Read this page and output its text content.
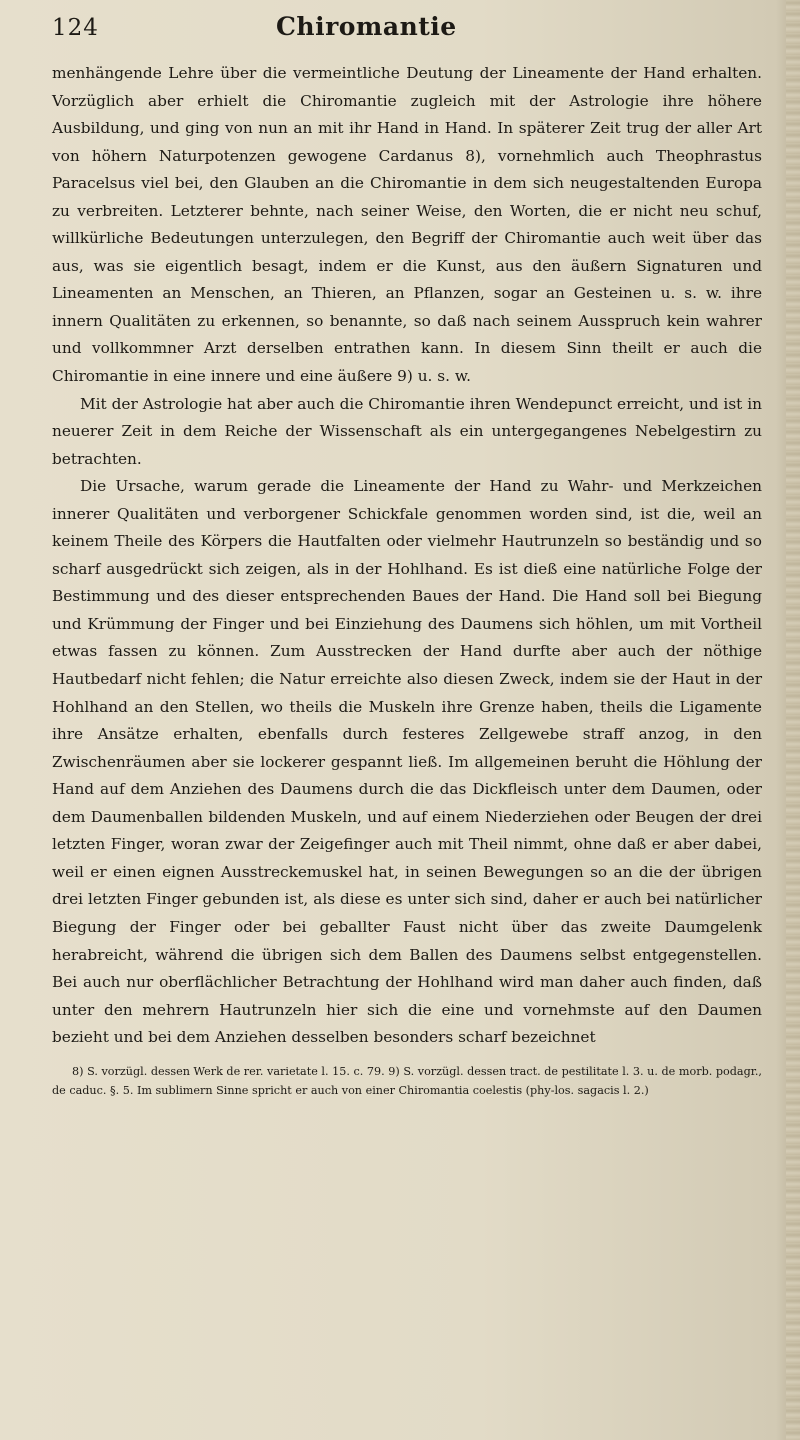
124	Chiromantie

menhängende Lehre über die vermeintliche Deutung der Lineamente der Hand erhalten. Vorzüglich aber erhielt die Chiromantie zugleich mit der Astrologie ihre höhere Ausbildung, und ging von nun an mit ihr Hand in Hand. In späterer Zeit trug der aller Art von höhern Naturpotenzen gewogene Cardanus 8), vornehmlich auch Theophrastus Paracelsus viel bei, den Glauben an die Chiromantie in dem sich neugestaltenden Europa zu verbreiten. Letzterer behnte, nach seiner Weise, den Worten, die er nicht neu schuf, willkürliche Bedeutungen unterzulegen, den Begriff der Chiromantie auch weit über das aus, was sie eigentlich besagt, indem er die Kunst, aus den äußern Signaturen und Lineamenten an Menschen, an Thieren, an Pflanzen, sogar an Gesteinen u. s. w. ihre innern Qualitäten zu erkennen, so benannte, so daß nach seinem Ausspruch kein wahrer und vollkommner Arzt derselben entrathen kann. In diesem Sinn theilt er auch die Chiromantie in eine innere und eine äußere 9) u. s. w.

Mit der Astrologie hat aber auch die Chiromantie ihren Wendepunct erreicht, und ist in neuerer Zeit in dem Reiche der Wissenschaft als ein untergegangenes Nebelgestirn zu betrachten.

Die Ursache, warum gerade die Lineamente der Hand zu Wahr- und Merkzeichen innerer Qualitäten und verborgener Schickfale genommen worden sind, ist die, weil an keinem Theile des Körpers die Hautfalten oder vielmehr Hautrunzeln so beständig und so scharf ausgedrückt sich zeigen, als in der Hohlhand. Es ist dieß eine natürliche Folge der Bestimmung und des dieser entsprechenden Baues der Hand. Die Hand soll bei Biegung und Krümmung der Finger und bei Einziehung des Daumens sich höhlen, um mit Vortheil etwas fassen zu können. Zum Ausstrecken der Hand durfte aber auch der nöthige Hautbedarf nicht fehlen; die Natur erreichte also diesen Zweck, indem sie der Haut in der Hohlhand an den Stellen, wo theils die Muskeln ihre Grenze haben, theils die Ligamente ihre Ansätze erhalten, ebenfalls durch festeres Zellgewebe straff anzog, in den Zwischenräumen aber sie lockerer gespannt ließ. Im allgemeinen beruht die Höhlung der Hand auf dem Anziehen des Daumens durch die das Dickfleisch unter dem Daumen, oder dem Daumenballen bildenden Muskeln, und auf einem Niederziehen oder Beugen der drei letzten Finger, woran zwar der Zeigefinger auch mit Theil nimmt, ohne daß er aber dabei, weil er einen eignen Ausstreckemuskel hat, in seinen Bewegungen so an die der übrigen drei letzten Finger gebunden ist, als diese es unter sich sind, daher er auch bei natürlicher Biegung der Finger oder bei geballter Faust nicht über das zweite Daumgelenk herabreicht, während die übrigen sich dem Ballen des Daumens selbst entgegenstellen. Bei auch nur oberflächlicher Betrachtung der Hohlhand wird man daher auch finden, daß unter den mehrern Hautrunzeln hier sich die eine und vornehmste auf den Daumen bezieht und bei dem Anziehen desselben besonders scharf bezeichnet

8) S. vorzügl. dessen Werk de rer. varietate l. 15. c. 79. 9) S. vorzügl. dessen tract. de pestilitate l. 3. u. de morb. podagr., de caduc. §. 5. Im sublimern Sinne spricht er auch von einer Chiromantia coelestis (phy-los. sagacis l. 2.)
